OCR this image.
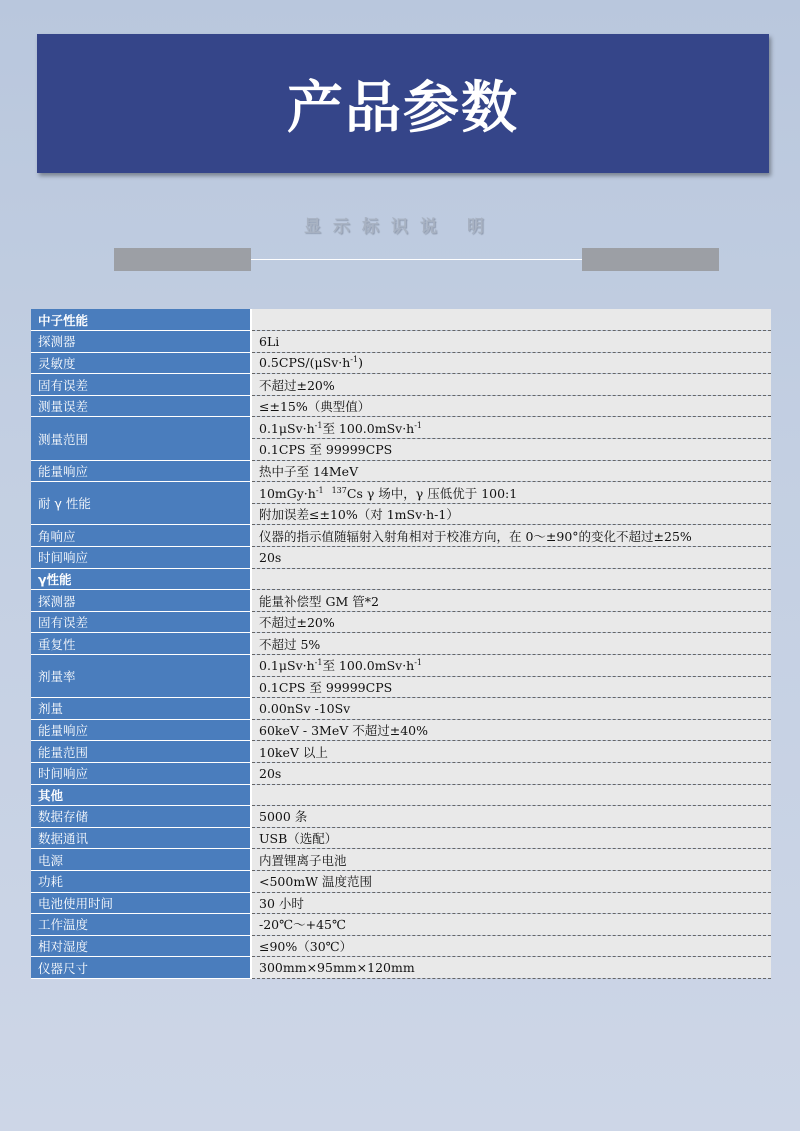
产品参数
显示标识说 明
中子性能	
探测器	6Li
灵敏度	$0.5CPS/(\mu Sv\cdot h^{-1})$
固有误差	不超过±20%
测量误差	≤±15%（典型值）
测量范围	$0.1\mu Sv\cdot h^{-1}$至 $100.0mSv\cdot h^{-1}$
	0.1CPS 至 99999CPS
能量响应	热中子至 14MeV
耐 γ 性能	$10mGy\cdot h^{-1}$ $^{137}$Cs γ 场中，γ 压低优于 100:1
	附加误差≤±10%（对 1mSv·h-1）
角响应	仪器的指示值随辐射入射角相对于校准方向，在 0～±90°的变化不超过±25%
时间响应	20s
γ性能	
探测器	能量补偿型 GM 管*2
固有误差	不超过±20%
重复性	不超过 5%
剂量率	$0.1\mu Sv\cdot h^{-1}$至 $100.0mSv\cdot h^{-1}$
	0.1CPS 至 99999CPS
剂量	0.00nSv -10Sv
能量响应	60keV - 3MeV 不超过±40%
能量范围	10keV 以上
时间响应	20s
其他	
数据存储	5000 条
数据通讯	USB（选配）
电源	内置锂离子电池
功耗	<500mW 温度范围
电池使用时间	30 小时
工作温度	-20℃～+45℃
相对湿度	≤90%（30℃）
仪器尺寸	300mm×95mm×120mm
